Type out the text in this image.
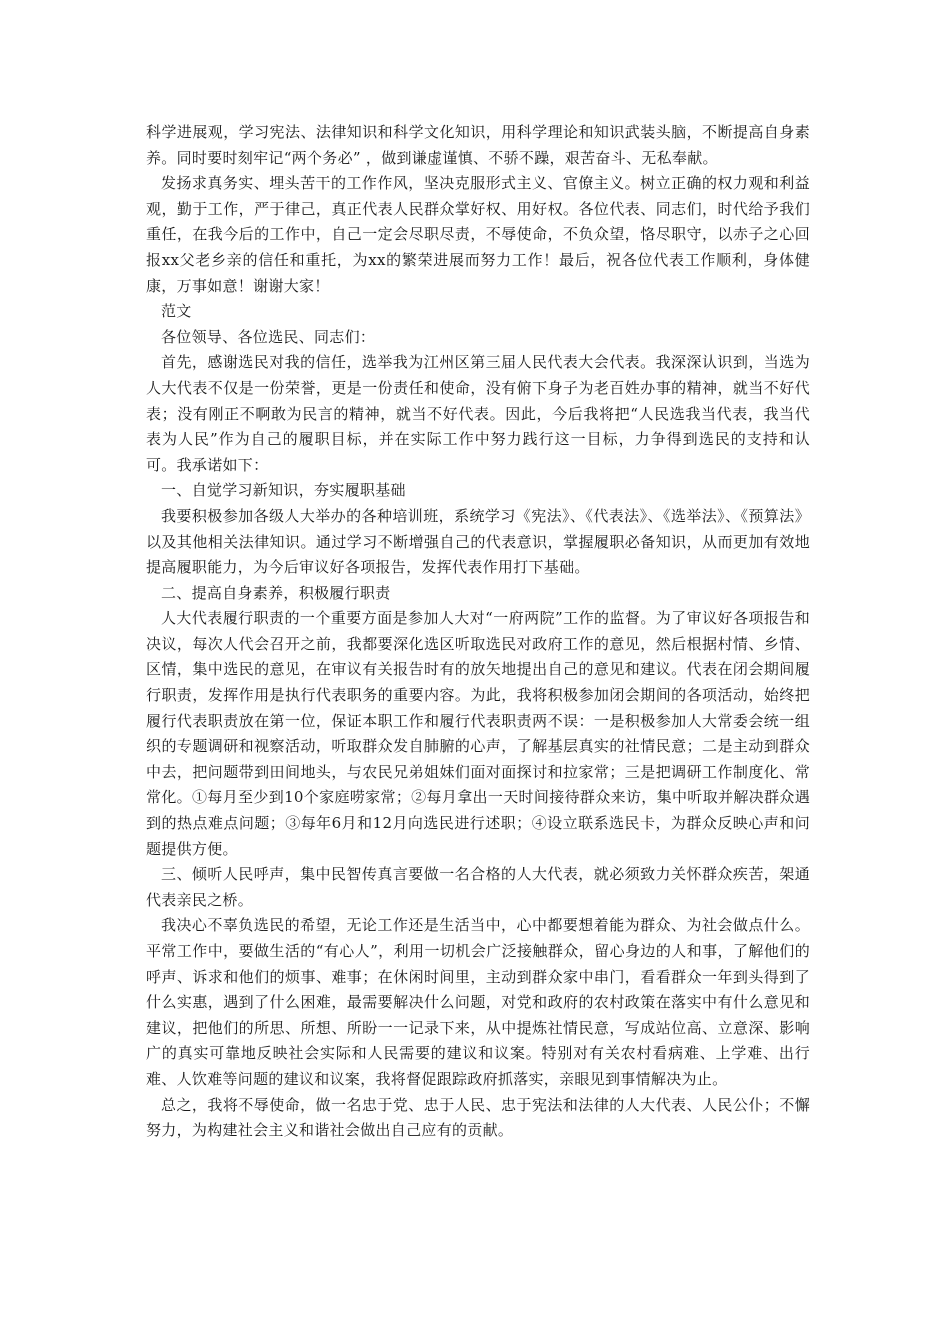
科学进展观，学习宪法、法律知识和科学文化知识，用科学理论和知识武装头脑，不断提高自身素养。同时要时刻牢记“两个务必” ，做到谦虚谨慎、不骄不躁，艰苦奋斗、无私奉献。

发扬求真务实、埋头苦干的工作作风，坚决克服形式主义、官僚主义。树立正确的权力观和利益观，勤于工作，严于律己，真正代表人民群众掌好权、用好权。各位代表、同志们，时代给予我们重任，在我今后的工作中，自己一定会尽职尽责，不辱使命，不负众望，恪尽职守，以赤子之心回报xx父老乡亲的信任和重托，为xx的繁荣进展而努力工作！最后，祝各位代表工作顺利，身体健康，万事如意！谢谢大家！

范文

各位领导、各位选民、同志们：

首先，感谢选民对我的信任，选举我为江州区第三届人民代表大会代表。我深深认识到，当选为人大代表不仅是一份荣誉，更是一份责任和使命，没有俯下身子为老百姓办事的精神，就当不好代表；没有刚正不啊敢为民言的精神，就当不好代表。因此，今后我将把“人民选我当代表，我当代表为人民”作为自己的履职目标，并在实际工作中努力践行这一目标，力争得到选民的支持和认可。我承诺如下：

一、自觉学习新知识，夯实履职基础

我要积极参加各级人大举办的各种培训班，系统学习《宪法》、《代表法》、《选举法》、《预算法》以及其他相关法律知识。通过学习不断增强自己的代表意识，掌握履职必备知识，从而更加有效地提高履职能力，为今后审议好各项报告，发挥代表作用打下基础。

二、提高自身素养，积极履行职责

人大代表履行职责的一个重要方面是参加人大对“一府两院”工作的监督。为了审议好各项报告和决议，每次人代会召开之前，我都要深化选区听取选民对政府工作的意见，然后根据村情、乡情、区情，集中选民的意见，在审议有关报告时有的放矢地提出自己的意见和建议。代表在闭会期间履行职责，发挥作用是执行代表职务的重要内容。为此，我将积极参加闭会期间的各项活动，始终把履行代表职责放在第一位，保证本职工作和履行代表职责两不误：一是积极参加人大常委会统一组织的专题调研和视察活动，听取群众发自肺腑的心声，了解基层真实的社情民意；二是主动到群众中去，把问题带到田间地头，与农民兄弟姐妹们面对面探讨和拉家常；三是把调研工作制度化、常常化。①每月至少到10个家庭唠家常；②每月拿出一天时间接待群众来访，集中听取并解决群众遇到的热点难点问题；③每年6月和12月向选民进行述职；④设立联系选民卡，为群众反映心声和问题提供方便。

三、倾听人民呼声，集中民智传真言要做一名合格的人大代表，就必须致力关怀群众疾苦，架通代表亲民之桥。

我决心不辜负选民的希望，无论工作还是生活当中，心中都要想着能为群众、为社会做点什么。平常工作中，要做生活的“有心人”，利用一切机会广泛接触群众，留心身边的人和事，了解他们的呼声、诉求和他们的烦事、难事；在休闲时间里，主动到群众家中串门，看看群众一年到头得到了什么实惠，遇到了什么困难，最需要解决什么问题，对党和政府的农村政策在落实中有什么意见和建议，把他们的所思、所想、所盼一一记录下来，从中提炼社情民意，写成站位高、立意深、影响广的真实可靠地反映社会实际和人民需要的建议和议案。特别对有关农村看病难、上学难、出行难、人饮难等问题的建议和议案，我将督促跟踪政府抓落实，亲眼见到事情解决为止。

总之，我将不辱使命，做一名忠于党、忠于人民、忠于宪法和法律的人大代表、人民公仆；不懈努力，为构建社会主义和谐社会做出自己应有的贡献。
